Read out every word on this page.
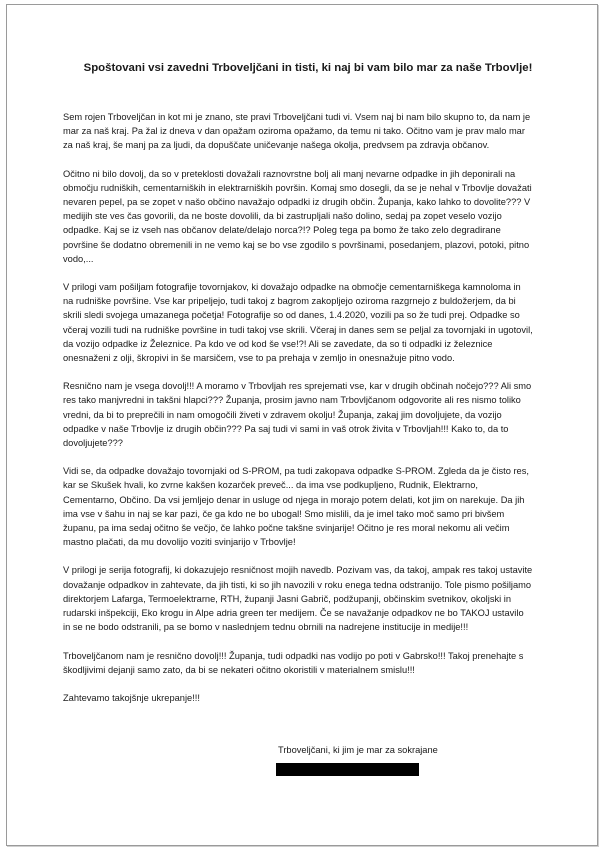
Spoštovani vsi zavedni Trboveljčani in tisti, ki naj bi vam bilo mar za naše Trbovlje!

Sem rojen Trboveljčan in kot mi je znano, ste pravi Trboveljčani tudi vi. Vsem naj bi nam bilo skupno to, da nam je mar za naš kraj. Pa žal iz dneva v dan opažam oziroma opažamo, da temu ni tako. Očitno vam je prav malo mar za naš kraj, še manj pa za ljudi, da dopuščate uničevanje našega okolja, predvsem pa zdravja občanov.

Očitno ni bilo dovolj, da so v preteklosti dovažali raznovrstne bolj ali manj nevarne odpadke in jih deponirali na območju rudniških, cementarniških in elektrarniških površin. Komaj smo dosegli, da se je nehal v Trbovlje dovažati nevaren pepel, pa se zopet v našo občino navažajo odpadki iz drugih občin. Županja, kako lahko to dovolite??? V medijih ste ves čas govorili, da ne boste dovolili, da bi zastrupljali našo dolino, sedaj pa zopet veselo vozijo odpadke. Kaj se iz vseh nas občanov delate/delajo norca?!? Poleg tega pa bomo že tako zelo degradirane površine še dodatno obremenili in ne vemo kaj se bo vse zgodilo s površinami, posedanjem, plazovi, potoki, pitno vodo,...

V prilogi vam pošiljam fotografije tovornjakov, ki dovažajo odpadke na območje cementarniškega kamnoloma in na rudniške površine. Vse kar pripeljejo, tudi takoj z bagrom zakopljejo oziroma razgrnejo z buldožerjem, da bi skrili sledi svojega umazanega početja! Fotografije so od danes, 1.4.2020, vozili pa so že tudi prej. Odpadke so včeraj vozili tudi na rudniške površine in tudi takoj vse skrili. Včeraj in danes sem se peljal za tovornjaki in ugotovil, da vozijo odpadke iz Železnice. Pa kdo ve od kod še vse!?! Ali se zavedate, da so ti odpadki iz železnice onesnaženi z olji, škropivi in še marsičem, vse to pa prehaja v zemljo in onesnažuje pitno vodo.

Resnično nam je vsega dovolj!!! A moramo v Trbovljah res sprejemati vse, kar v drugih občinah nočejo??? Ali smo res tako manjvredni in takšni hlapci??? Županja, prosim javno nam Trbovljčanom odgovorite ali res nismo toliko vredni, da bi to preprečili in nam omogočili živeti v zdravem okolju! Županja, zakaj jim dovoljujete, da vozijo odpadke v naše Trbovlje iz drugih občin??? Pa saj tudi vi sami in vaš otrok živita v Trbovljah!!! Kako to, da to dovoljujete???

Vidi se, da odpadke dovažajo tovornjaki od S-PROM, pa tudi zakopava odpadke S-PROM. Zgleda da je čisto res, kar se Skušek hvali, ko zvrne kakšen kozarček preveč... da ima vse podkupljeno, Rudnik, Elektrarno, Cementarno, Občino. Da vsi jemljejo denar in usluge od njega in morajo potem delati, kot jim on narekuje. Da jih ima vse v šahu in naj se kar pazi, če ga kdo ne bo ubogal! Smo mislili, da je imel tako moč samo pri bivšem županu, pa ima sedaj očitno še večjo, če lahko počne takšne svinjarije! Očitno je res moral nekomu ali večim mastno plačati, da mu dovolijo voziti svinjarijo v Trbovlje!

V prilogi je serija fotografij, ki dokazujejo resničnost mojih navedb. Pozivam vas, da takoj, ampak res takoj ustavite dovažanje odpadkov in zahtevate, da jih tisti, ki so jih navozili v roku enega tedna odstranijo. Tole pismo pošiljamo direktorjem Lafarga, Termoelektrarne, RTH, županji Jasni Gabrič, podžupanji, občinskim svetnikov, okoljski in rudarski inšpekciji, Eko krogu in Alpe adria green ter medijem. Če se navažanje odpadkov ne bo TAKOJ ustavilo in se ne bodo odstranili, pa se bomo v naslednjem tednu obrnili na nadrejene institucije in medije!!!

Trboveljčanom nam je resnično dovolj!!! Županja, tudi odpadki nas vodijo po poti v Gabrsko!!! Takoj prenehajte s škodljivimi dejanji samo zato, da bi se nekateri očitno okoristili v materialnem smislu!!!

Zahtevamo takojšnje ukrepanje!!!

Trboveljčani, ki jim je mar za sokrajane
